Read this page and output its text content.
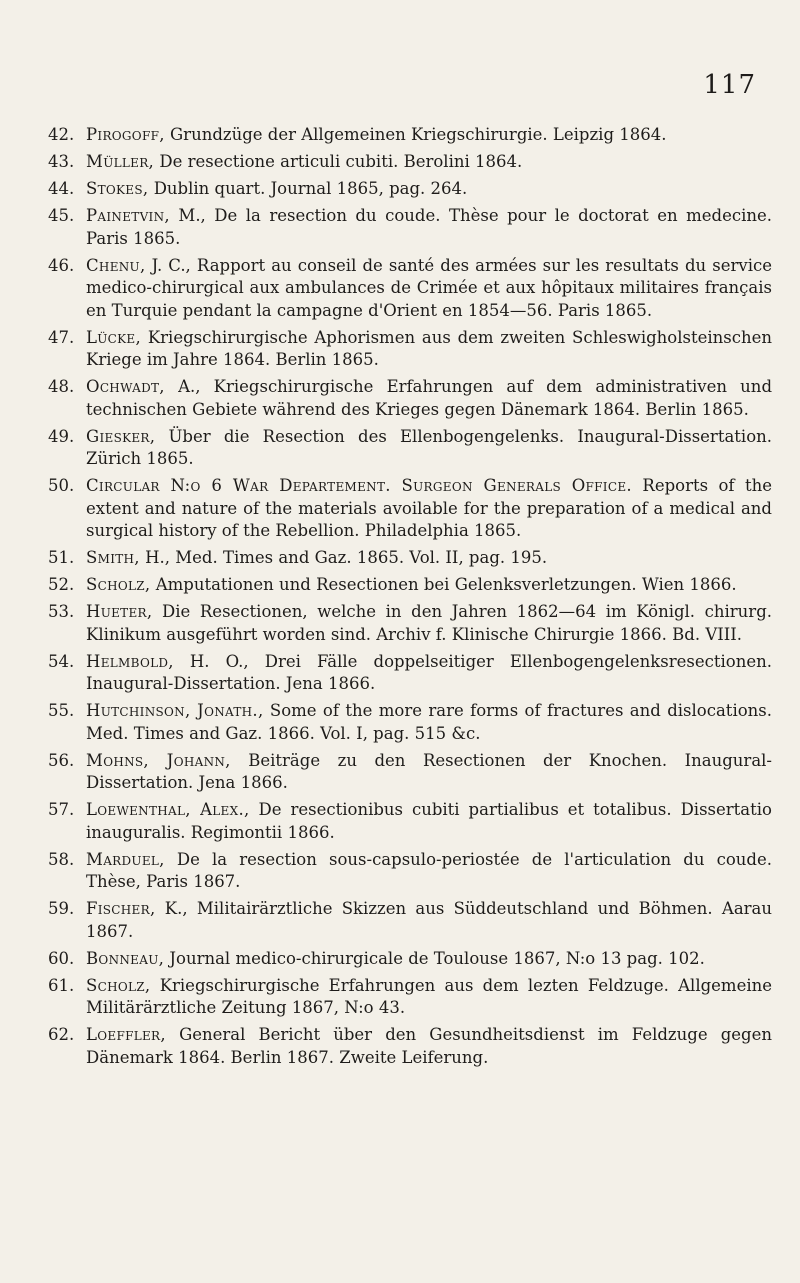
117
42. Pirogoff, Grundzüge der Allgemeinen Kriegschirurgie. Leipzig 1864.
43. Müller, De resectione articuli cubiti. Berolini 1864.
44. Stokes, Dublin quart. Journal 1865, pag. 264.
45. Painetvin, M., De la resection du coude. Thèse pour le doctorat en medecine. Paris 1865.
46. Chenu, J. C., Rapport au conseil de santé des armées sur les resultats du service medico-chirurgical aux ambulances de Crimée et aux hôpitaux militaires français en Turquie pendant la campagne d'Orient en 1854—56. Paris 1865.
47. Lücke, Kriegschirurgische Aphorismen aus dem zweiten Schleswigholsteinschen Kriege im Jahre 1864. Berlin 1865.
48. Ochwadt, A., Kriegschirurgische Erfahrungen auf dem administrativen und technischen Gebiete während des Krieges gegen Dänemark 1864. Berlin 1865.
49. Giesker, Über die Resection des Ellenbogengelenks. Inaugural-Dissertation. Zürich 1865.
50. Circular N:o 6 War Departement. Surgeon Generals Office. Reports of the extent and nature of the materials avoilable for the preparation of a medical and surgical history of the Rebellion. Philadelphia 1865.
51. Smith, H., Med. Times and Gaz. 1865. Vol. II, pag. 195.
52. Scholz, Amputationen und Resectionen bei Gelenksverletzungen. Wien 1866.
53. Hueter, Die Resectionen, welche in den Jahren 1862—64 im Königl. chirurg. Klinikum ausgeführt worden sind. Archiv f. Klinische Chirurgie 1866. Bd. VIII.
54. Helmbold, H. O., Drei Fälle doppelseitiger Ellenbogengelenksresectionen. Inaugural-Dissertation. Jena 1866.
55. Hutchinson, Jonath., Some of the more rare forms of fractures and dislocations. Med. Times and Gaz. 1866. Vol. I, pag. 515 &c.
56. Mohns, Johann, Beiträge zu den Resectionen der Knochen. Inaugural-Dissertation. Jena 1866.
57. Loewenthal, Alex., De resectionibus cubiti partialibus et totalibus. Dissertatio inauguralis. Regimontii 1866.
58. Marduel, De la resection sous-capsulo-periostée de l'articulation du coude. Thèse, Paris 1867.
59. Fischer, K., Militairärztliche Skizzen aus Süddeutschland und Böhmen. Aarau 1867.
60. Bonneau, Journal medico-chirurgicale de Toulouse 1867, N:o 13 pag. 102.
61. Scholz, Kriegschirurgische Erfahrungen aus dem lezten Feldzuge. Allgemeine Militärärztliche Zeitung 1867, N:o 43.
62. Loeffler, General Bericht über den Gesundheitsdienst im Feldzuge gegen Dänemark 1864. Berlin 1867. Zweite Leiferung.
